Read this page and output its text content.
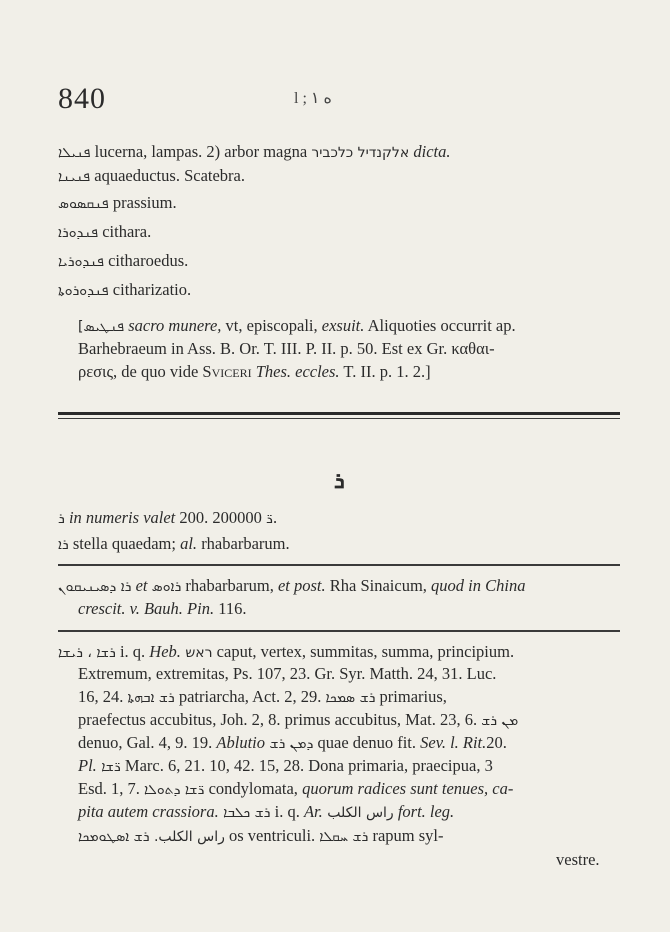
840	l ; ۱ ه
ܦܢܝܠܐ lucerna, lampas. 2) arbor magna אלקנדיל כלכביר dicta.
ܦܢܝܢܐ aquaeductus. Scatebra.
ܦܢܩܣܘܣ prassium.
ܦܢܕܘܪܐ cithara.
ܦܢܕܘܪܝܐ citharoedus.
ܦܢܕܘܪܘܬܐ citharizatio.
[ܦܢܛܝܣ sacro munere, vt, episcopali, exsuit. Aliquoties occurrit ap.
Barhebraeum in Ass. B. Or. T. III. P. II. p. 50. Est ex Gr. καθαι-
ρεσις, de quo vide Sviceri Thes. eccles. T. II. p. 1. 2.]
ܪ
ܪ in numeris valet 200.	ܪ̈ 200000.
ܪܐ stella quaedam; al. rhabarbarum.
ܪܐ ܕܣܝܢܝܩܘܢ et ܪܐܘܣ rhabarbarum, et post. Rha Sinaicum, quod in China
crescit. v. Bauh. Pin. 116.
ܪܫܐ ، ܪܝܫܐ i. q. Heb. ראש caput, vertex, summitas, summa, principium.
Extremum, extremitas, Ps. 107, 23. Gr. Syr. Matth. 24, 31. Luc.
16, 24. ܪܫ ܐܒܗܬܐ patriarcha, Act. 2, 29. ܪܫ ܣܡܟܐ primarius,
praefectus accubitus, Joh. 2, 8. primus accubitus, Mat. 23, 6. ܡܢ ܪܫ
denuo, Gal. 4, 9. 19. Ablutio ܕܡܢ ܪܫ quae denuo fit. Sev. l. Rit.20.
Pl. ܪ̈ܫܐ Marc. 6, 21. 10, 42. 15, 28. Dona primaria, praecipua, 3
Esd. 1, 7. ܪ̈ܫܐ ܕܬܘܠܐ condylomata, quorum radices sunt tenues, ca-
pita autem crassiora. ܪܫ ܟܠܒܐ i. q. Ar. راس الكلب fort. leg.
راس الكلب. ܪܫ ܐܣܛܘܡܟܐ	os ventriculi. ܪܫ ܚܩܠܐ rapum syl-
vestre.
